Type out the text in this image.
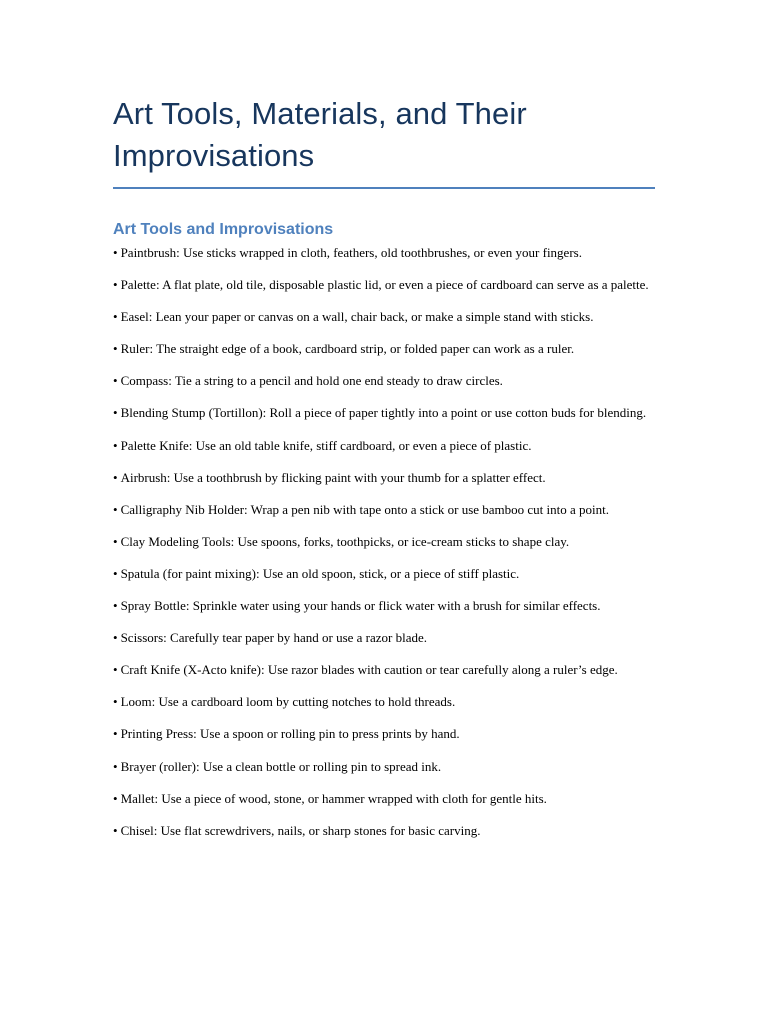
Art Tools, Materials, and Their Improvisations
Art Tools and Improvisations
• Paintbrush: Use sticks wrapped in cloth, feathers, old toothbrushes, or even your fingers.
• Palette: A flat plate, old tile, disposable plastic lid, or even a piece of cardboard can serve as a palette.
• Easel: Lean your paper or canvas on a wall, chair back, or make a simple stand with sticks.
• Ruler: The straight edge of a book, cardboard strip, or folded paper can work as a ruler.
• Compass: Tie a string to a pencil and hold one end steady to draw circles.
• Blending Stump (Tortillon): Roll a piece of paper tightly into a point or use cotton buds for blending.
• Palette Knife: Use an old table knife, stiff cardboard, or even a piece of plastic.
• Airbrush: Use a toothbrush by flicking paint with your thumb for a splatter effect.
• Calligraphy Nib Holder: Wrap a pen nib with tape onto a stick or use bamboo cut into a point.
• Clay Modeling Tools: Use spoons, forks, toothpicks, or ice-cream sticks to shape clay.
• Spatula (for paint mixing): Use an old spoon, stick, or a piece of stiff plastic.
• Spray Bottle: Sprinkle water using your hands or flick water with a brush for similar effects.
• Scissors: Carefully tear paper by hand or use a razor blade.
• Craft Knife (X-Acto knife): Use razor blades with caution or tear carefully along a ruler’s edge.
• Loom: Use a cardboard loom by cutting notches to hold threads.
• Printing Press: Use a spoon or rolling pin to press prints by hand.
• Brayer (roller): Use a clean bottle or rolling pin to spread ink.
• Mallet: Use a piece of wood, stone, or hammer wrapped with cloth for gentle hits.
• Chisel: Use flat screwdrivers, nails, or sharp stones for basic carving.
